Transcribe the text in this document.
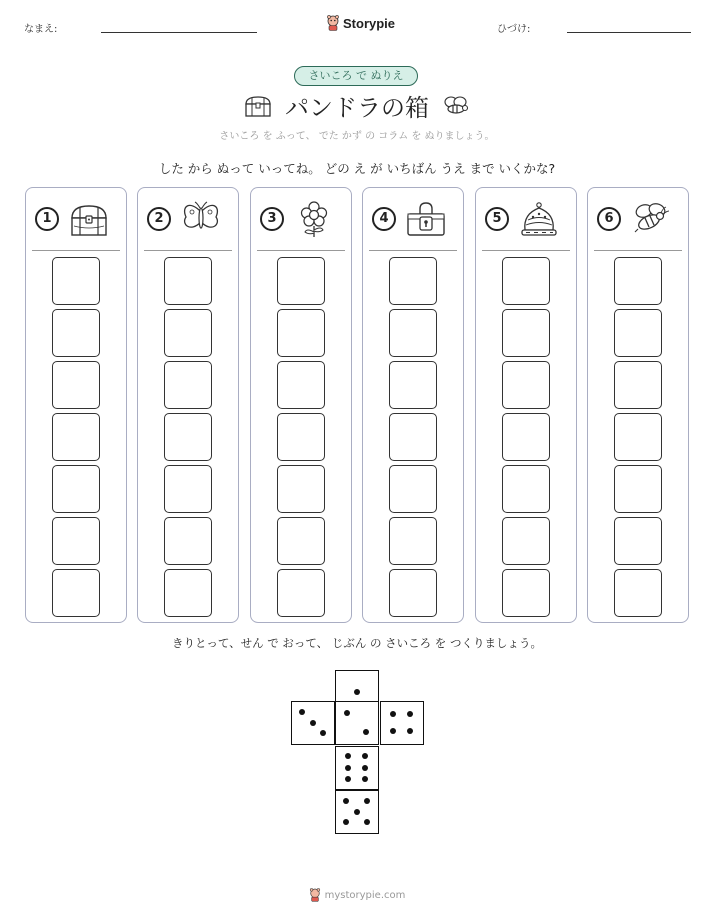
なまえ:	Storypie	ひづけ:
さいころ で ぬりえ
パンドラの箱
さいころ を ふって、 でた かず の コラム を ぬりましょう。
した から ぬって いってね。 どの え が いちばん うえ まで いくかな?
1	2	3	4	5	6
きりとって、せん で おって、 じぶん の さいころ を つくりましょう。
mystorypie.com
